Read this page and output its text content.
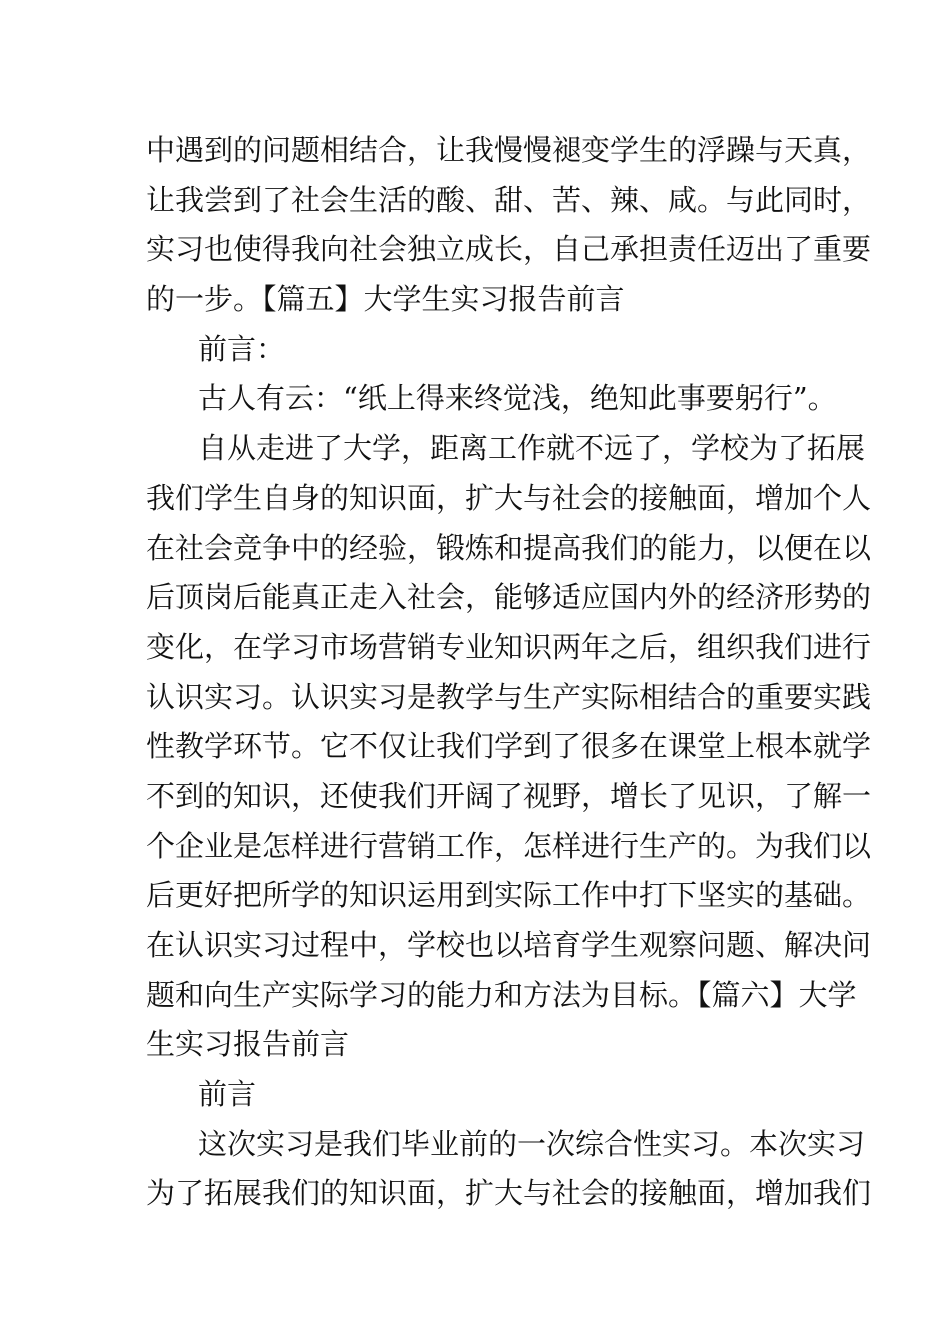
中遇到的问题相结合，让我慢慢褪变学生的浮躁与天真，
让我尝到了社会生活的酸、甜、苦、辣、咸。与此同时，
实习也使得我向社会独立成长，自己承担责任迈出了重要
的一步。【篇五】大学生实习报告前言
前言：
古人有云：“纸上得来终觉浅，绝知此事要躬行”。
自从走进了大学，距离工作就不远了，学校为了拓展
我们学生自身的知识面，扩大与社会的接触面，增加个人
在社会竞争中的经验，锻炼和提高我们的能力，以便在以
后顶岗后能真正走入社会，能够适应国内外的经济形势的
变化，在学习市场营销专业知识两年之后，组织我们进行
认识实习。认识实习是教学与生产实际相结合的重要实践
性教学环节。它不仅让我们学到了很多在课堂上根本就学
不到的知识，还使我们开阔了视野，增长了见识，了解一
个企业是怎样进行营销工作，怎样进行生产的。为我们以
后更好把所学的知识运用到实际工作中打下坚实的基础。
在认识实习过程中，学校也以培育学生观察问题、解决问
题和向生产实际学习的能力和方法为目标。【篇六】大学
生实习报告前言
前言
这次实习是我们毕业前的一次综合性实习。本次实习
为了拓展我们的知识面，扩大与社会的接触面，增加我们
